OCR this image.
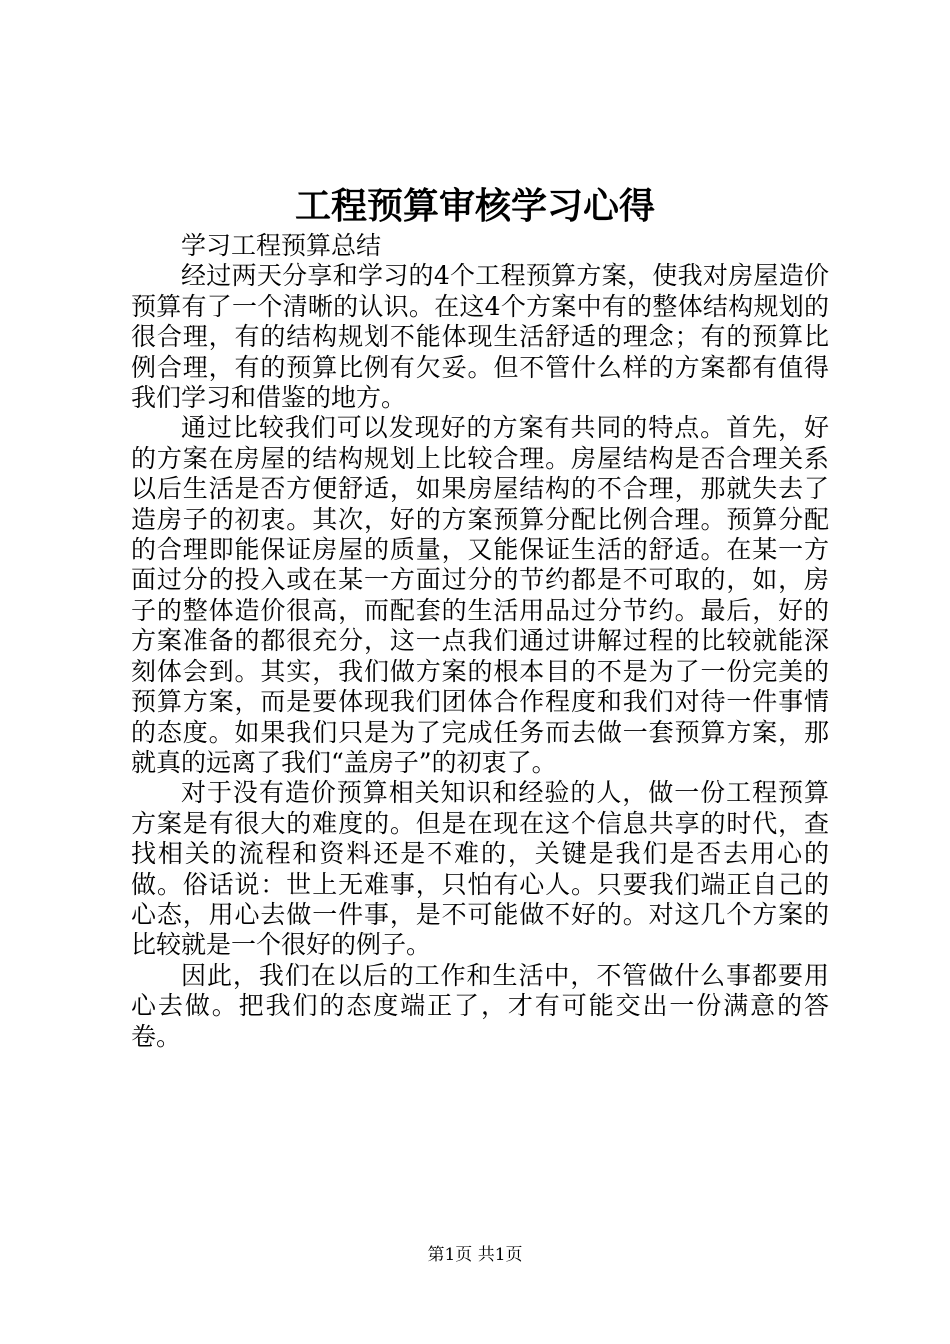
工程预算审核学习心得

学习工程预算总结

经过两天分享和学习的4个工程预算方案，使我对房屋造价预算有了一个清晰的认识。在这4个方案中有的整体结构规划的很合理，有的结构规划不能体现生活舒适的理念；有的预算比例合理，有的预算比例有欠妥。但不管什么样的方案都有值得我们学习和借鉴的地方。

通过比较我们可以发现好的方案有共同的特点。首先，好的方案在房屋的结构规划上比较合理。房屋结构是否合理关系以后生活是否方便舒适，如果房屋结构的不合理，那就失去了造房子的初衷。其次，好的方案预算分配比例合理。预算分配的合理即能保证房屋的质量，又能保证生活的舒适。在某一方面过分的投入或在某一方面过分的节约都是不可取的，如，房子的整体造价很高，而配套的生活用品过分节约。最后，好的方案准备的都很充分，这一点我们通过讲解过程的比较就能深刻体会到。其实，我们做方案的根本目的不是为了一份完美的预算方案，而是要体现我们团体合作程度和我们对待一件事情的态度。如果我们只是为了完成任务而去做一套预算方案，那就真的远离了我们“盖房子”的初衷了。

对于没有造价预算相关知识和经验的人，做一份工程预算方案是有很大的难度的。但是在现在这个信息共享的时代，查找相关的流程和资料还是不难的，关键是我们是否去用心的做。俗话说：世上无难事，只怕有心人。只要我们端正自己的心态，用心去做一件事，是不可能做不好的。对这几个方案的比较就是一个很好的例子。

因此，我们在以后的工作和生活中，不管做什么事都要用心去做。把我们的态度端正了，才有可能交出一份满意的答卷。

第1页 共1页
